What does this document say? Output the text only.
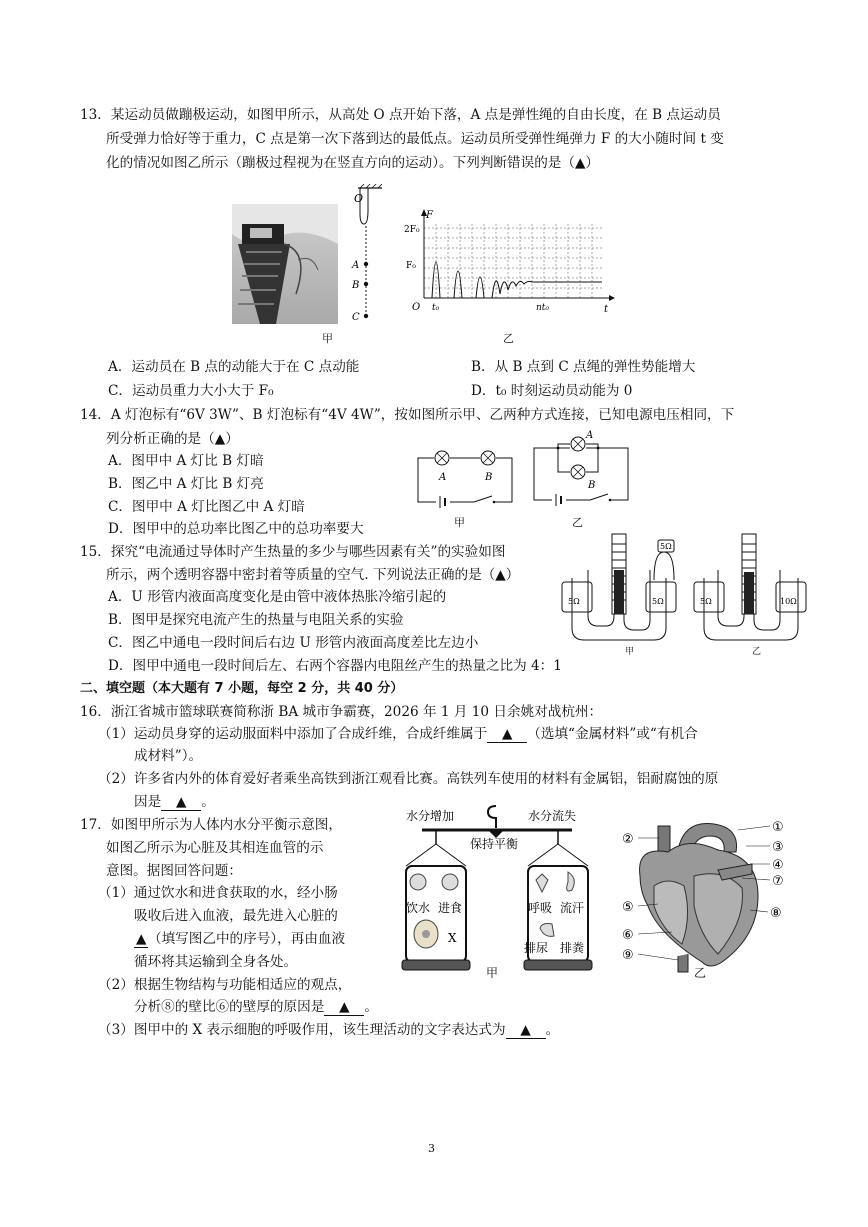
13．某运动员做蹦极运动，如图甲所示，从高处 O 点开始下落，A 点是弹性绳的自由长度，在 B 点运动员
所受弹力恰好等于重力，C 点是第一次下落到达的最低点。运动员所受弹性绳弹力 F 的大小随时间 t 变
化的情况如图乙所示（蹦极过程视为在竖直方向的运动）。下列判断错误的是（▲）
O
A
B
C
F
t
O
2F₀
F₀
t₀	nt₀
甲	乙
A．运动员在 B 点的动能大于在 C 点动能	B．从 B 点到 C 点绳的弹性势能增大
C．运动员重力大小大于 F₀	D．t₀ 时刻运动员动能为 0
14．A 灯泡标有“6V 3W”、B 灯泡标有“4V 4W”，按如图所示甲、乙两种方式连接，已知电源电压相同，下
列分析正确的是（▲）
A．图甲中 A 灯比 B 灯暗
B．图乙中 A 灯比 B 灯亮
C．图甲中 A 灯比图乙中 A 灯暗
D．图甲中的总功率比图乙中的总功率要大
A	B
甲
A
B
乙
15．探究“电流通过导体时产生热量的多少与哪些因素有关”的实验如图
所示，两个透明容器中密封着等质量的空气. 下列说法正确的是（▲）
A．U 形管内液面高度变化是由管中液体热胀冷缩引起的
B．图甲是探究电流产生的热量与电阻关系的实验
C．图乙中通电一段时间后右边 U 形管内液面高度差比左边小
D．图甲中通电一段时间后左、右两个容器内电阻丝产生的热量之比为 4：1
5Ω	5Ω
5Ω
甲
5Ω	10Ω
乙
二、填空题（本大题有 7 小题，每空 2 分，共 40 分）
16．浙江省城市篮球联赛简称浙 BA 城市争霸赛，2026 年 1 月 10 日余姚对战杭州：
（1）运动员身穿的运动服面料中添加了合成纤维，合成纤维属于 ▲ （选填“金属材料”或“有机合
成材料”）。
（2）许多省内外的体育爱好者乘坐高铁到浙江观看比赛。高铁列车使用的材料有金属铝，铝耐腐蚀的原
因是 ▲ 。
17．如图甲所示为人体内水分平衡示意图，
如图乙所示为心脏及其相连血管的示
意图。据图回答问题：
（1）通过饮水和进食获取的水，经小肠
吸收后进入血液，最先进入心脏的
▲ （填写图乙中的序号），再由血液
循环将其运输到全身各处。
（2）根据生物结构与功能相适应的观点，
分析⑧的壁比⑥的壁厚的原因是 ▲ 。
（3）图甲中的 X 表示细胞的呼吸作用，该生理活动的文字表达式为 ▲ 。
水分增加	水分流失
保持平衡
饮水 进食
X
呼吸 流汗
排尿 排粪
甲
②
①
③
④
⑦
⑧
⑤
⑥
⑨
乙
3
